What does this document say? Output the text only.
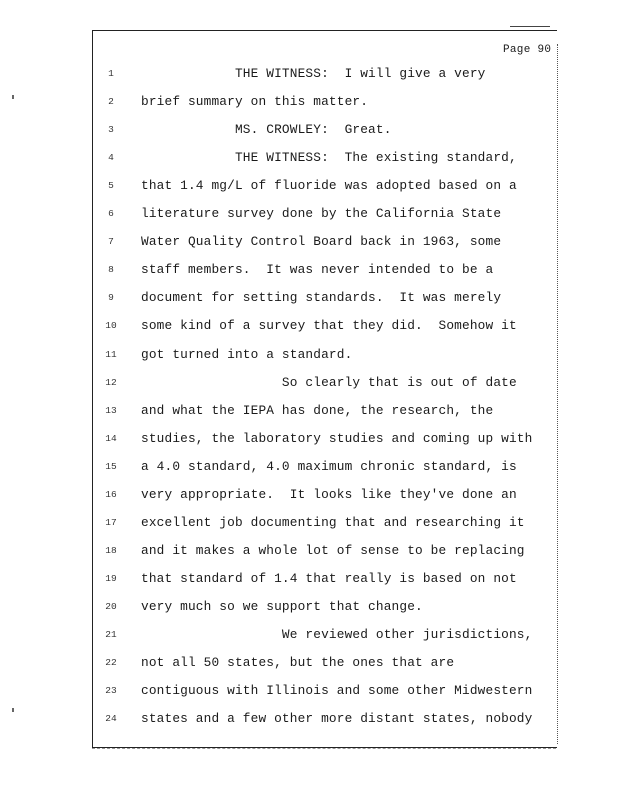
Page 90
1	THE WITNESS:  I will give a very
2	brief summary on this matter.
3	MS. CROWLEY:  Great.
4	THE WITNESS:  The existing standard,
5	that 1.4 mg/L of fluoride was adopted based on a
6	literature survey done by the California State
7	Water Quality Control Board back in 1963, some
8	staff members.  It was never intended to be a
9	document for setting standards.  It was merely
10 some kind of a survey that they did.  Somehow it
11 got turned into a standard.
12 So clearly that is out of date
13 and what the IEPA has done, the research, the
14 studies, the laboratory studies and coming up with
15 a 4.0 standard, 4.0 maximum chronic standard, is
16 very appropriate.  It looks like they've done an
17 excellent job documenting that and researching it
18 and it makes a whole lot of sense to be replacing
19 that standard of 1.4 that really is based on not
20 very much so we support that change.
21 We reviewed other jurisdictions,
22 not all 50 states, but the ones that are
23 contiguous with Illinois and some other Midwestern
24 states and a few other more distant states, nobody
